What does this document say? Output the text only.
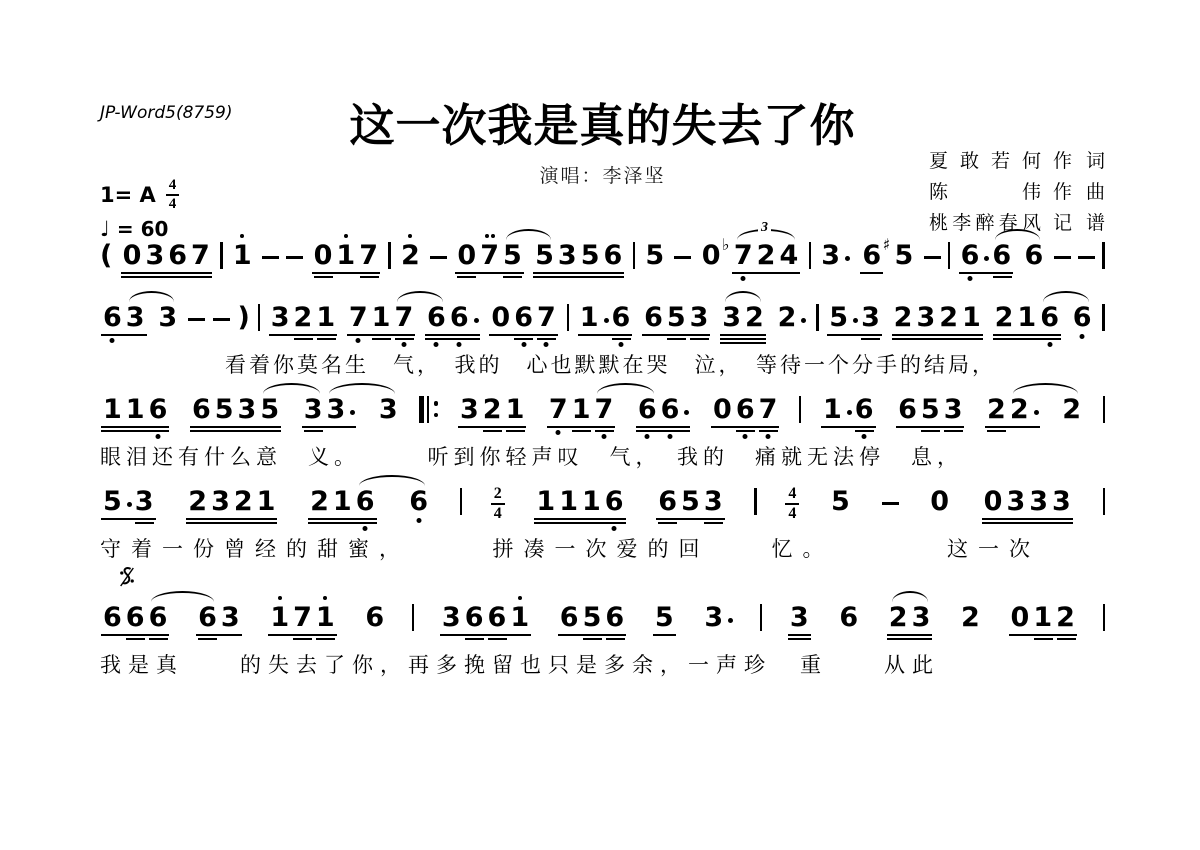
JP-Word5(8759)	这一次我是真的失去了你
演唱：李泽坚
夏敢若何 作词
陈伟 作曲
桃李醉春风 记谱
1= A $\frac{4}{4}$
♩ = 60
( 0 3 6 7 1 0 1 7 2 0 7 5 5 3 5 6 5 0 ♭ 7 2 4 3 6 ♯ 5 6 6 6
3
6 3 3 ) 3 2 1 7 1 7 6 6 0 6 7 1 6 6 5 3 3 2 2 5 3 2 3 2 1 2 1 6 6
看着你莫名生　气，　我的　心也默默在哭　泣，　等待一个分手的结局，
1 1 6 6 5 3 5 3 3 3 3 2 1 7 1 7 6 6 0 6 7 1 6 6 5 3 2 2 2
眼泪还有什么意　义。　　　听到你轻声叹　气，　我的　痛就无法停　息，
5 3 2 3 2 1 2 1 6 6	$\frac{2}{4} 1$ 1 1 6 6 5 3	$\frac{4}{4} 5$	0 0 3 3 3
守着一份曾经的甜蜜，　　　拼凑一次爱的回　　忆。　　　　这一次
6 6 6 6 3 1 7 1 6 3 6 6 1 6 5 6 5 3 3 6 2 3 2 0 1 2
我是真　　的失去了你，再多挽留也只是多余，一声珍　重　　从此
